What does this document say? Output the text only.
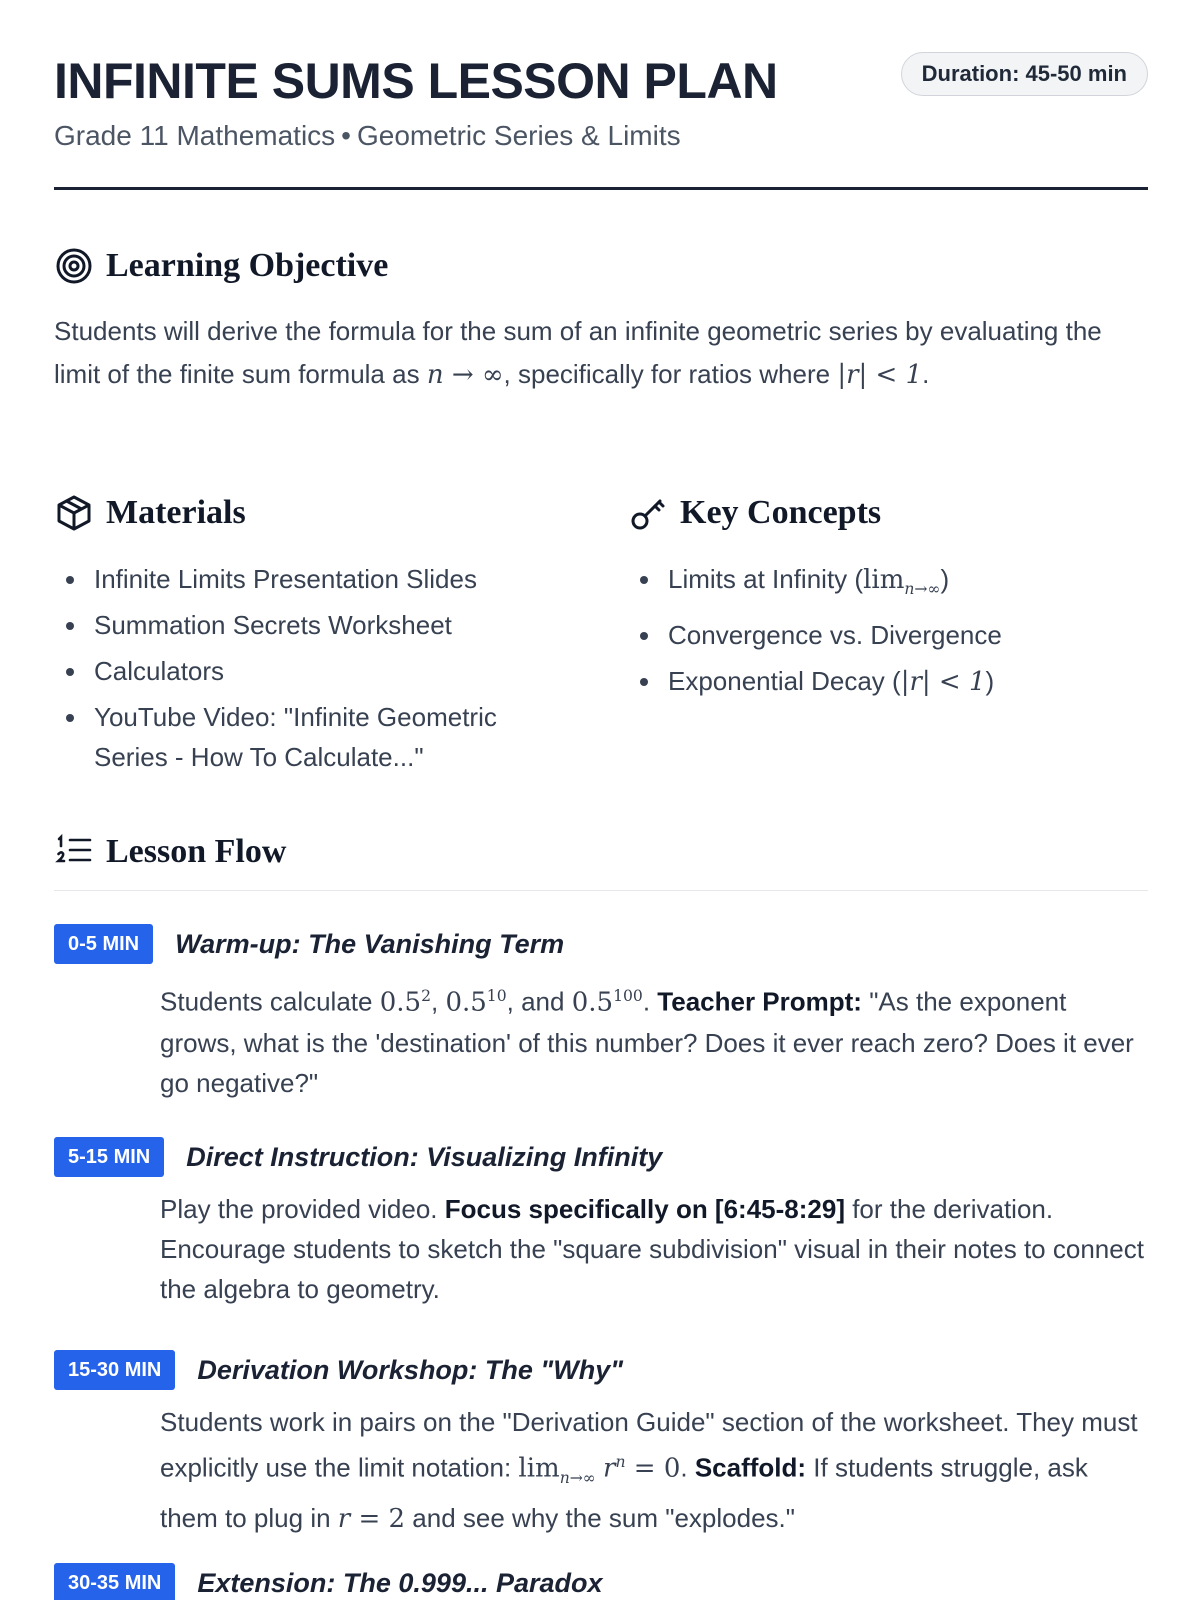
INFINITE SUMS LESSON PLAN
Grade 11 Mathematics • Geometric Series & Limits
Duration: 45-50 min
Learning Objective

Students will derive the formula for the sum of an infinite geometric series by evaluating the limit of the finite sum formula as n → ∞, specifically for ratios where |r| < 1.

Materials
Infinite Limits Presentation Slides
Summation Secrets Worksheet
Calculators
YouTube Video: "Infinite Geometric Series - How To Calculate..."
Key Concepts
Limits at Infinity $(\lim_{n\to\infty})$
Convergence vs. Divergence
Exponential Decay (|r| < 1)
Lesson Flow
0-5 MIN	Warm-up: The Vanishing Term

Students calculate $0.5^2$, $0.5^{10}$, and $0.5^{100}$. Teacher Prompt: "As the exponent grows, what is the 'destination' of this number? Does it ever reach zero? Does it ever go negative?"

5-15 MIN	Direct Instruction: Visualizing Infinity

Play the provided video. Focus specifically on [6:45-8:29] for the derivation. Encourage students to sketch the "square subdivision" visual in their notes to connect the algebra to geometry.

15-30 MIN	Derivation Workshop: The "Why"

Students work in pairs on the "Derivation Guide" section of the worksheet. They must explicitly use the limit notation: $\lim_{n\to\infty} r^n = 0$. Scaffold: If students struggle, ask them to plug in r = 2 and see why the sum "explodes."

30-35 MIN	Extension: The 0.999... Paradox
